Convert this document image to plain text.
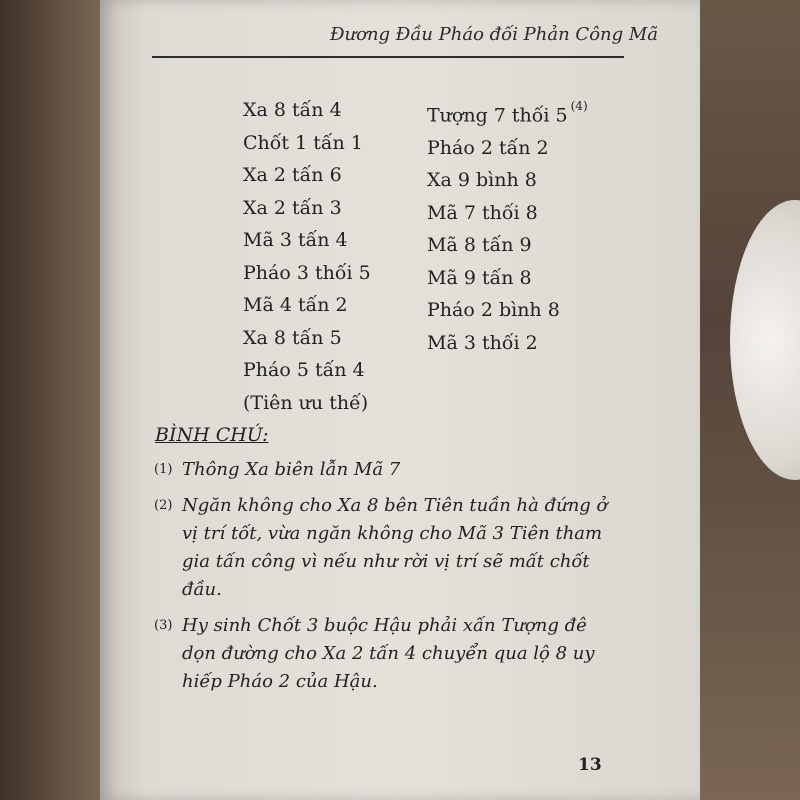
Đương Đầu Pháo đối Phản Công Mã
Xa 8 tấn 4
Chốt 1 tấn 1
Xa 2 tấn 6
Xa 2 tấn 3
Mã 3 tấn 4
Pháo 3 thối 5
Mã 4 tấn 2
Xa 8 tấn 5
Pháo 5 tấn 4
(Tiên ưu thế)
Tượng 7 thối 5 $^{(4)}$
Pháo 2 tấn 2
Xa 9 bình 8
Mã 7 thối 8
Mã 8 tấn 9
Mã 9 tấn 8
Pháo 2 bình 8
Mã 3 thối 2
BÌNH CHÚ:
(1) Thông Xa biên lẫn Mã 7
(2) Ngăn không cho Xa 8 bên Tiên tuần hà đứng ở vị trí tốt, vừa ngăn không cho Mã 3 Tiên tham gia tấn công vì nếu như rời vị trí sẽ mất chốt đầu.
(3) Hy sinh Chốt 3 buộc Hậu phải xấn Tượng đê dọn đường cho Xa 2 tấn 4 chuyển qua lộ 8 uy hiếp Pháo 2 của Hậu.
13
